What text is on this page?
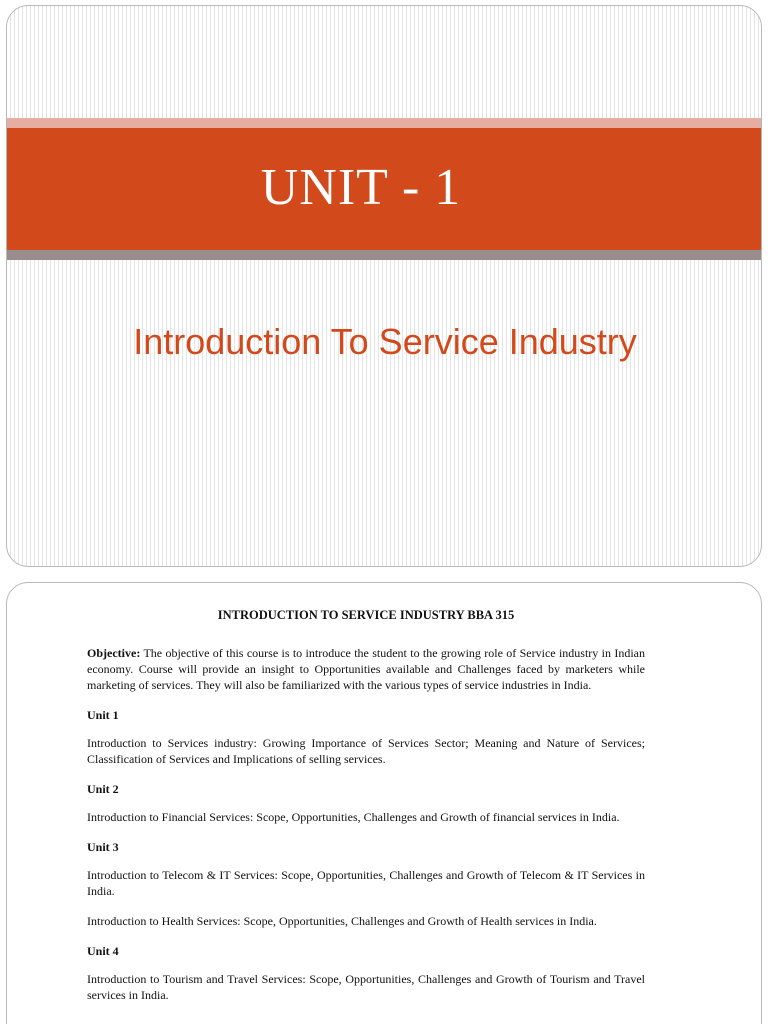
UNIT - 1
Introduction To Service Industry
INTRODUCTION TO SERVICE INDUSTRY BBA 315

Objective: The objective of this course is to introduce the student to the growing role of Service industry in Indian economy. Course will provide an insight to Opportunities available and Challenges faced by marketers while marketing of services. They will also be familiarized with the various types of service industries in India.

Unit 1

Introduction to Services industry: Growing Importance of Services Sector; Meaning and Nature of Services; Classification of Services and Implications of selling services.

Unit 2

Introduction to Financial Services: Scope, Opportunities, Challenges and Growth of financial services in India.

Unit 3

Introduction to Telecom & IT Services: Scope, Opportunities, Challenges and Growth of Telecom & IT Services in India.

Introduction to Health Services: Scope, Opportunities, Challenges and Growth of Health services in India.

Unit 4

Introduction to Tourism and Travel Services: Scope, Opportunities, Challenges and Growth of Tourism and Travel services in India.
